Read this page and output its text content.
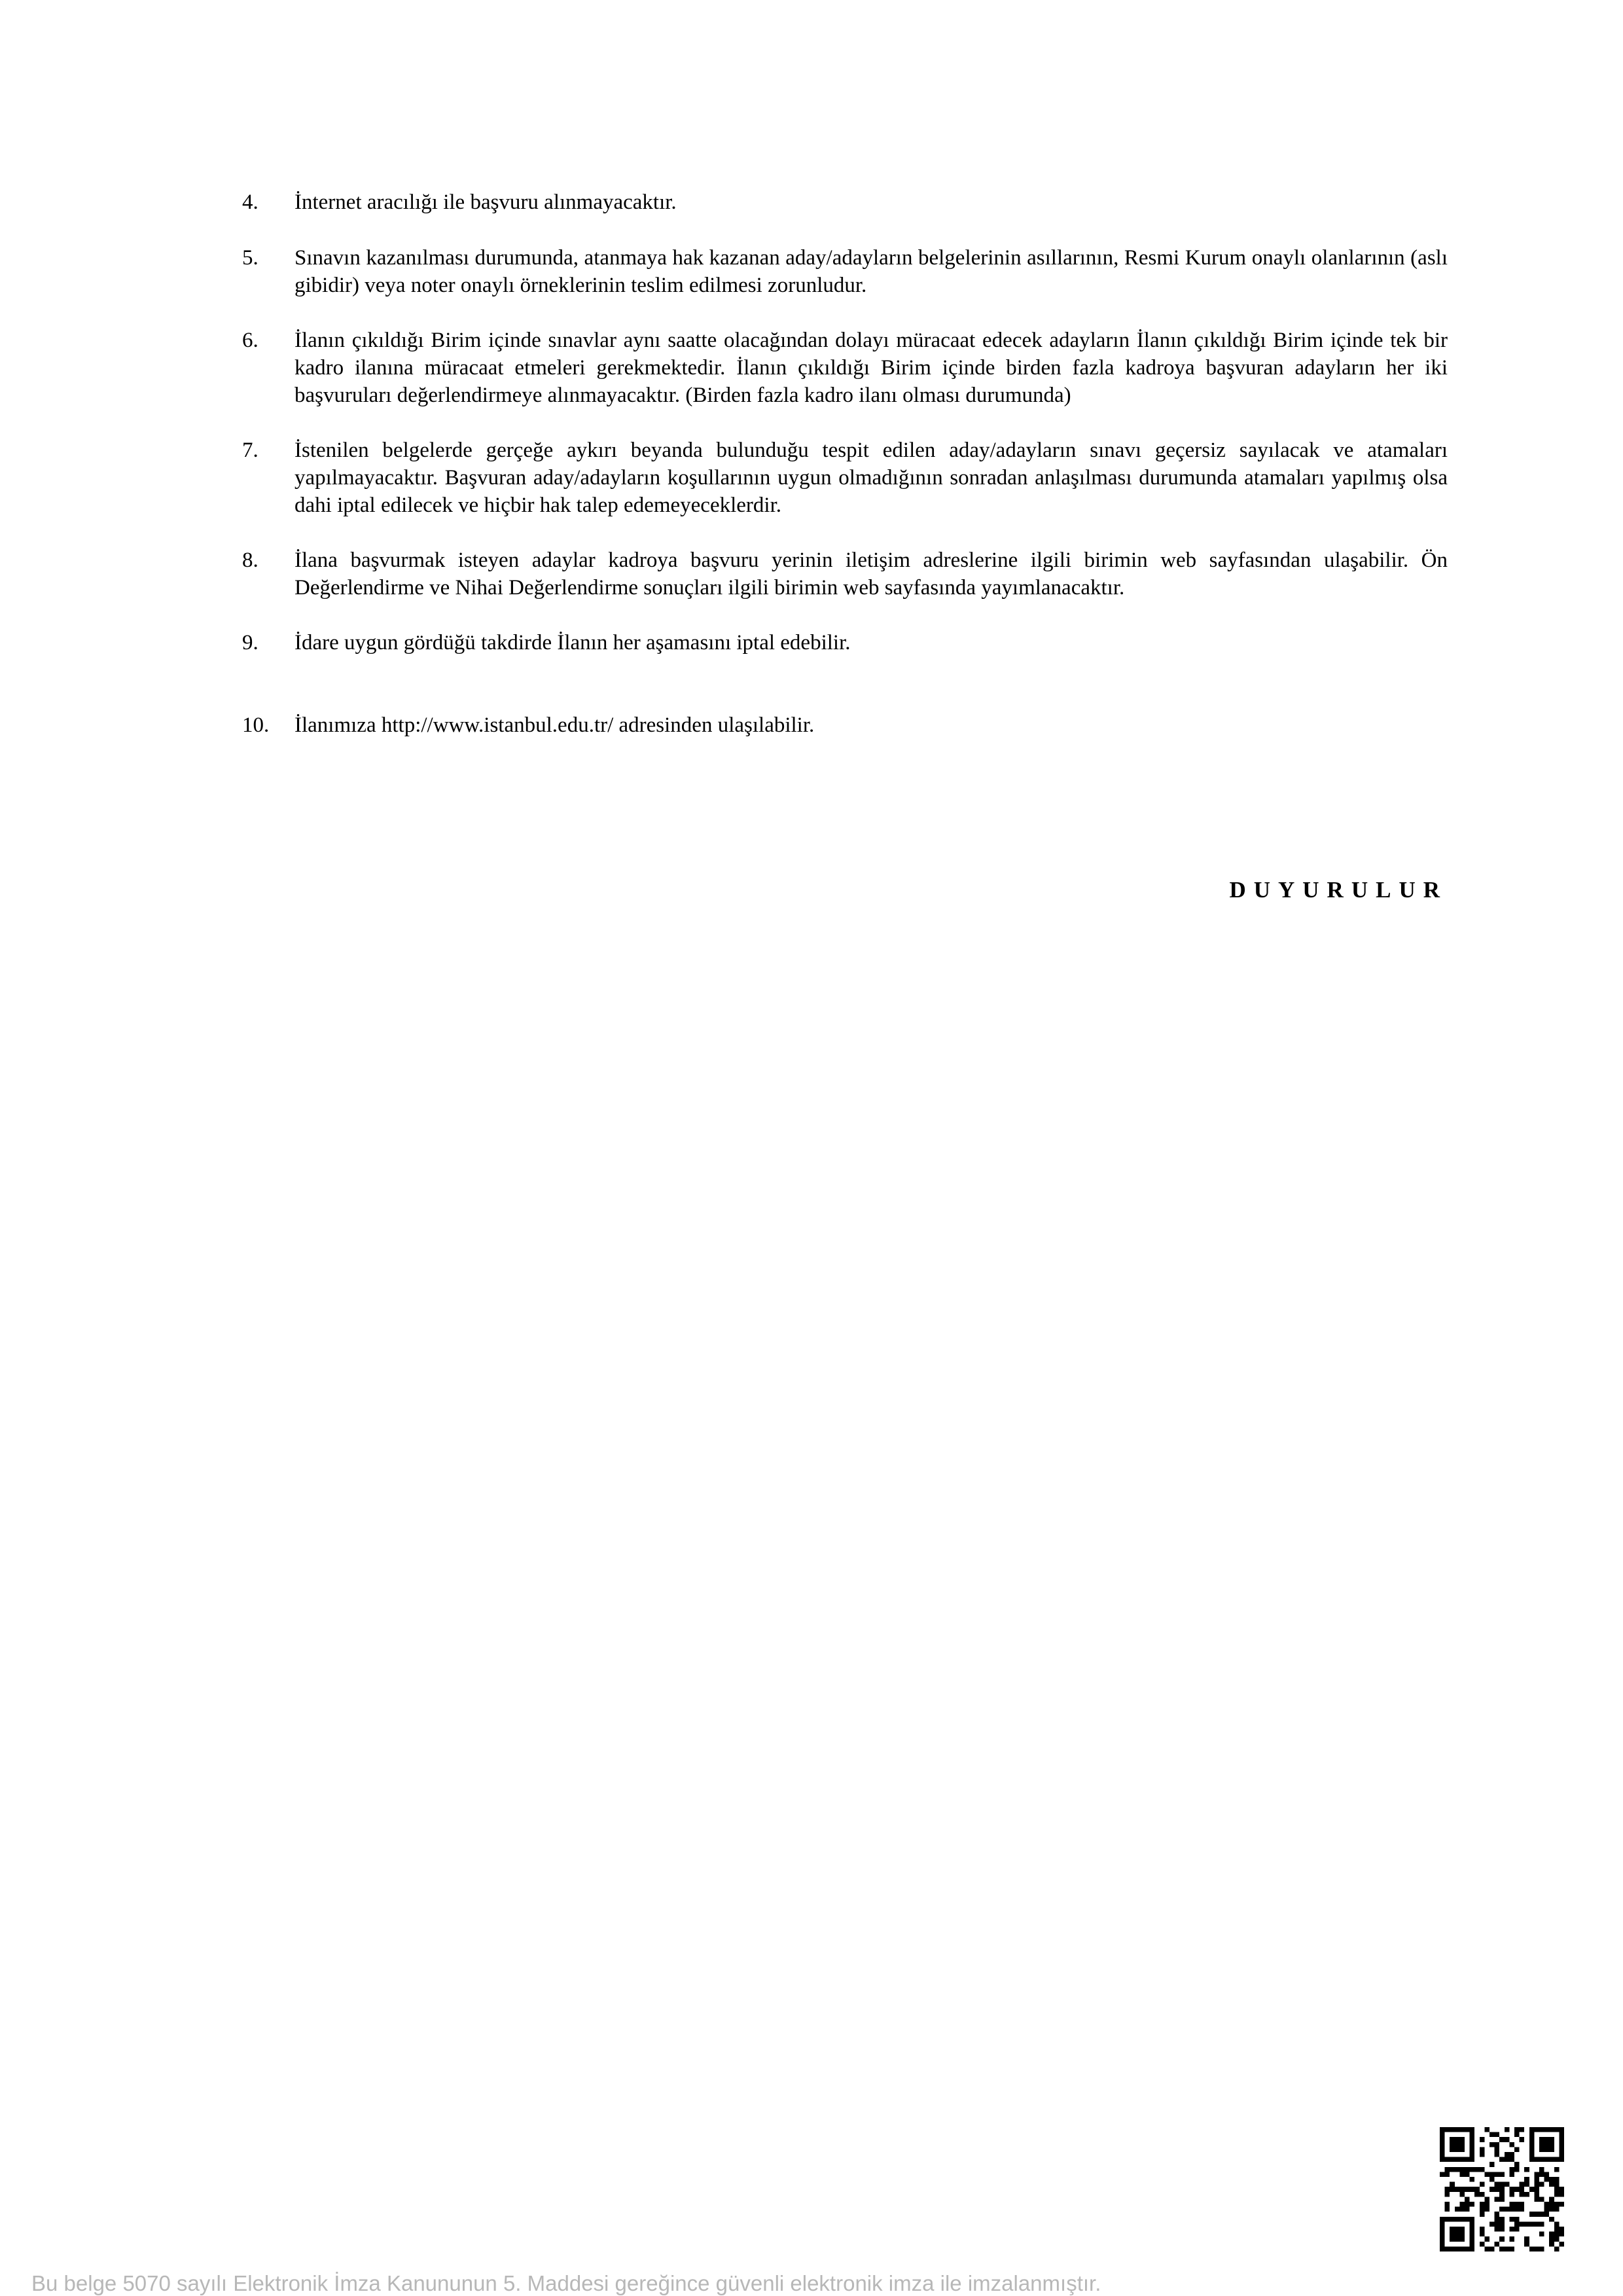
4.	İnternet aracılığı ile başvuru alınmayacaktır.
5.	Sınavın kazanılması durumunda, atanmaya hak kazanan aday/adayların belgelerinin asıllarının, Resmi Kurum onaylı olanlarının (aslı gibidir) veya noter onaylı örneklerinin teslim edilmesi zorunludur.
6.	İlanın çıkıldığı Birim içinde sınavlar aynı saatte olacağından dolayı müracaat edecek adayların İlanın çıkıldığı Birim içinde tek bir kadro ilanına müracaat etmeleri gerekmektedir. İlanın çıkıldığı Birim içinde birden fazla kadroya başvuran adayların her iki başvuruları değerlendirmeye alınmayacaktır. (Birden fazla kadro ilanı olması durumunda)
7.	İstenilen belgelerde gerçeğe aykırı beyanda bulunduğu tespit edilen aday/adayların sınavı geçersiz sayılacak ve atamaları yapılmayacaktır. Başvuran aday/adayların koşullarının uygun olmadığının sonradan anlaşılması durumunda atamaları yapılmış olsa dahi iptal edilecek ve hiçbir hak talep edemeyeceklerdir.
8.	İlana başvurmak isteyen adaylar kadroya başvuru yerinin iletişim adreslerine ilgili birimin web sayfasından ulaşabilir. Ön Değerlendirme ve Nihai Değerlendirme sonuçları ilgili birimin web sayfasında yayımlanacaktır.
9.	İdare uygun gördüğü takdirde İlanın her aşamasını iptal edebilir.
10.	İlanımıza http://www.istanbul.edu.tr/ adresinden ulaşılabilir.
DUYURULUR
Bu belge 5070 sayılı Elektronik İmza Kanununun 5. Maddesi gereğince güvenli elektronik imza ile imzalanmıştır.
